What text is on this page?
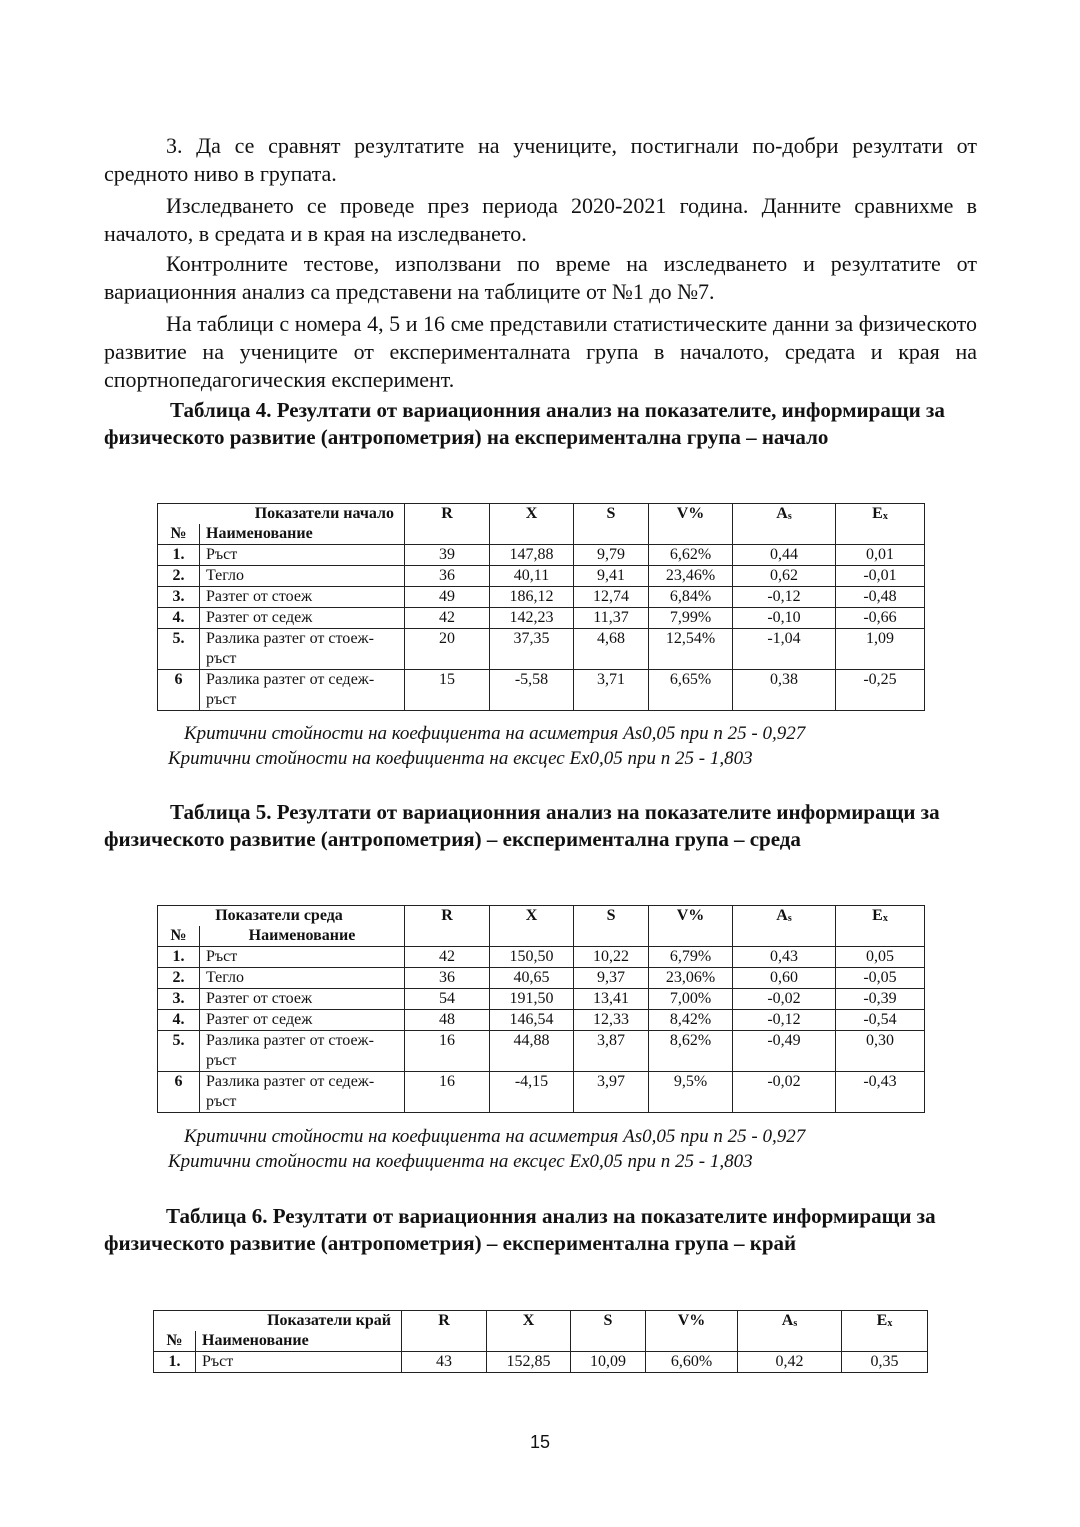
3. Да се сравнят резултатите на учениците, постигнали по-добри резултати от средното ниво в групата.

Изследването се проведе през периода 2020-2021 година. Данните сравнихме в началото, в средата и в края на изследването.

Контролните тестове, използвани по време на изследването и резултатите от вариационния анализ са представени на таблиците от №1 до №7.

На таблици с номера 4, 5 и 16 сме представили статистическите данни за физическото развитие на учениците от експерименталната група в началото, средата и края на спортнопедагогическия експеримент.

Таблица 4. Резултати от вариационния анализ на показателите, информиращи за физическото развитие (антропометрия) на експериментална група – начало

Показатели начало		R	X	S	V%	$A_s$	$E_x$
№	Наименование						
1.	Ръст	39	147,88	9,79	6,62%	0,44	0,01
2.	Тегло	36	40,11	9,41	23,46%	0,62	-0,01
3.	Разтег от стоеж	49	186,12	12,74	6,84%	-0,12	-0,48
4.	Разтег от седеж	42	142,23	11,37	7,99%	-0,10	-0,66
5.	Разлика разтег от стоеж-ръст	20	37,35	4,68	12,54%	-1,04	1,09
6	Разлика разтег от седеж-ръст	15	-5,58	3,71	6,65%	0,38	-0,25

Критични стойности на коефициента на асиметрия As0,05 при n 25 - 0,927

Критични стойности на коефициента на ексцес Ex0,05 при n 25 - 1,803

Таблица 5. Резултати от вариационния анализ на показателите информиращи за физическото развитие (антропометрия) – експериментална група – среда

Показатели среда		R	X	S	V%	$A_s$	$E_x$
№	Наименование						
1.	Ръст	42	150,50	10,22	6,79%	0,43	0,05
2.	Тегло	36	40,65	9,37	23,06%	0,60	-0,05
3.	Разтег от стоеж	54	191,50	13,41	7,00%	-0,02	-0,39
4.	Разтег от седеж	48	146,54	12,33	8,42%	-0,12	-0,54
5.	Разлика разтег от стоеж-ръст	16	44,88	3,87	8,62%	-0,49	0,30
6	Разлика разтег от седеж-ръст	16	-4,15	3,97	9,5%	-0,02	-0,43

Критични стойности на коефициента на асиметрия As0,05 при n 25 - 0,927

Критични стойности на коефициента на ексцес Ex0,05 при n 25 - 1,803

Таблица 6. Резултати от вариационния анализ на показателите информиращи за физическото развитие (антропометрия) – експериментална група – край

Показатели край		R	X	S	V%	$A_s$	$E_x$
№	Наименование						
1.	Ръст	43	152,85	10,09	6,60%	0,42	0,35
15
